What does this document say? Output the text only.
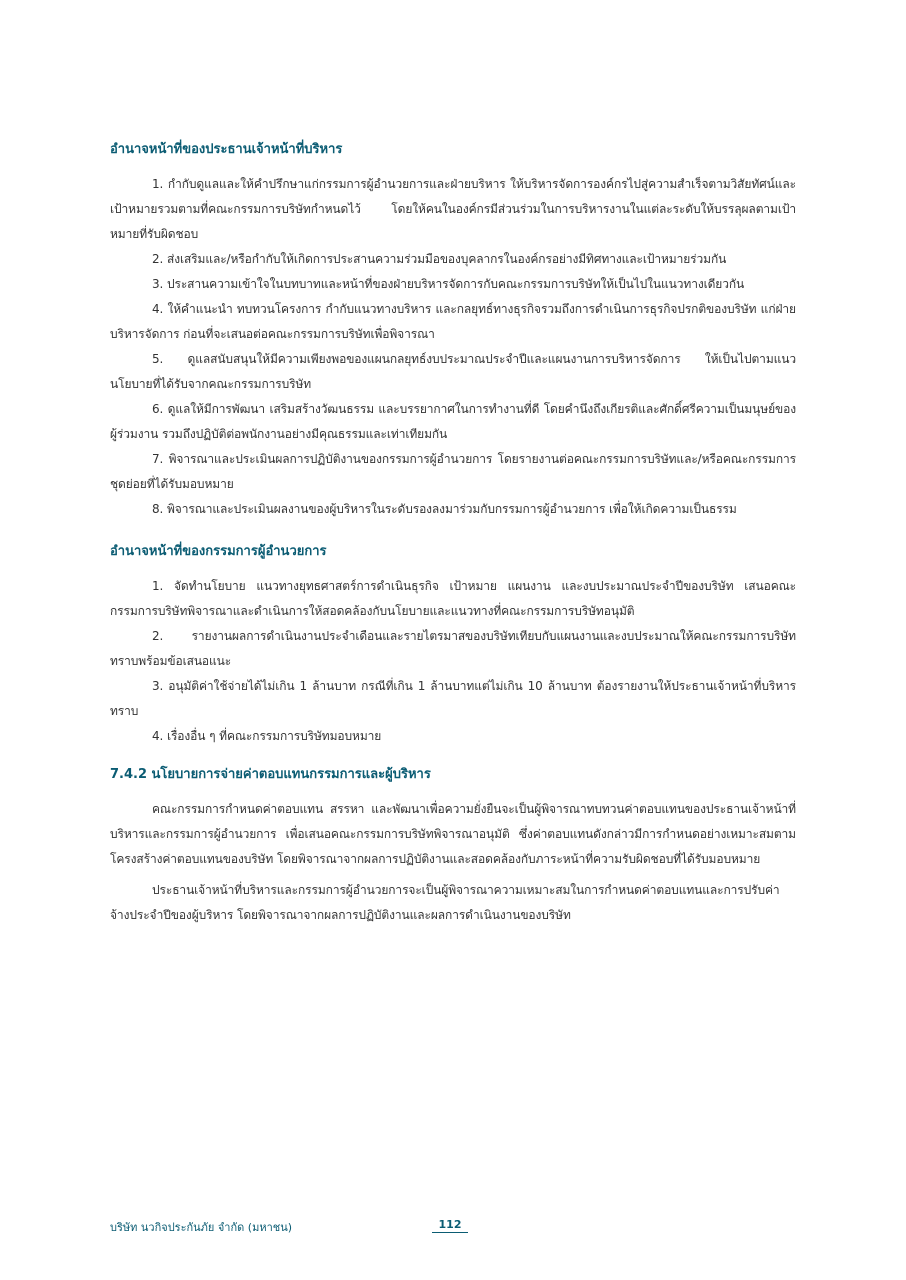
อำนาจหน้าที่ของประธานเจ้าหน้าที่บริหาร

1. กำกับดูแลและให้คำปรึกษาแก่กรรมการผู้อำนวยการและฝ่ายบริหาร ให้บริหารจัดการองค์กรไปสู่ความสำเร็จตามวิสัยทัศน์และเป้าหมายรวมตามที่คณะกรรมการบริษัทกำหนดไว้ โดยให้คนในองค์กรมีส่วนร่วมในการบริหารงานในแต่ละระดับให้บรรลุผลตามเป้าหมายที่รับผิดชอบ

2. ส่งเสริมและ/หรือกำกับให้เกิดการประสานความร่วมมือของบุคลากรในองค์กรอย่างมีทิศทางและเป้าหมายร่วมกัน

3. ประสานความเข้าใจในบทบาทและหน้าที่ของฝ่ายบริหารจัดการกับคณะกรรมการบริษัทให้เป็นไปในแนวทางเดียวกัน

4. ให้คำแนะนำ ทบทวนโครงการ กำกับแนวทางบริหาร และกลยุทธ์ทางธุรกิจรวมถึงการดำเนินการธุรกิจปรกติของบริษัท แก่ฝ่ายบริหารจัดการ ก่อนที่จะเสนอต่อคณะกรรมการบริษัทเพื่อพิจารณา

5. ดูแลสนับสนุนให้มีความเพียงพอของแผนกลยุทธ์งบประมาณประจำปีและแผนงานการบริหารจัดการ ให้เป็นไปตามแนวนโยบายที่ได้รับจากคณะกรรมการบริษัท

6. ดูแลให้มีการพัฒนา เสริมสร้างวัฒนธรรม และบรรยากาศในการทำงานที่ดี โดยคำนึงถึงเกียรติและศักดิ์ศรีความเป็นมนุษย์ของผู้ร่วมงาน รวมถึงปฏิบัติต่อพนักงานอย่างมีคุณธรรมและเท่าเทียมกัน

7. พิจารณาและประเมินผลการปฏิบัติงานของกรรมการผู้อำนวยการ โดยรายงานต่อคณะกรรมการบริษัทและ/หรือคณะกรรมการชุดย่อยที่ได้รับมอบหมาย

8. พิจารณาและประเมินผลงานของผู้บริหารในระดับรองลงมาร่วมกับกรรมการผู้อำนวยการ เพื่อให้เกิดความเป็นธรรม

อำนาจหน้าที่ของกรรมการผู้อำนวยการ

1. จัดทำนโยบาย แนวทางยุทธศาสตร์การดำเนินธุรกิจ เป้าหมาย แผนงาน และงบประมาณประจำปีของบริษัท เสนอคณะกรรมการบริษัทพิจารณาและดำเนินการให้สอดคล้องกับนโยบายและแนวทางที่คณะกรรมการบริษัทอนุมัติ

2. รายงานผลการดำเนินงานประจำเดือนและรายไตรมาสของบริษัทเทียบกับแผนงานและงบประมาณให้คณะกรรมการบริษัททราบพร้อมข้อเสนอแนะ

3. อนุมัติค่าใช้จ่ายได้ไม่เกิน 1 ล้านบาท กรณีที่เกิน 1 ล้านบาทแต่ไม่เกิน 10 ล้านบาท ต้องรายงานให้ประธานเจ้าหน้าที่บริหารทราบ

4. เรื่องอื่น ๆ ที่คณะกรรมการบริษัทมอบหมาย

7.4.2 นโยบายการจ่ายค่าตอบแทนกรรมการและผู้บริหาร

คณะกรรมการกำหนดค่าตอบแทน สรรหา และพัฒนาเพื่อความยั่งยืนจะเป็นผู้พิจารณาทบทวนค่าตอบแทนของประธานเจ้าหน้าที่บริหารและกรรมการผู้อำนวยการ เพื่อเสนอคณะกรรมการบริษัทพิจารณาอนุมัติ ซึ่งค่าตอบแทนดังกล่าวมีการกำหนดอย่างเหมาะสมตามโครงสร้างค่าตอบแทนของบริษัท โดยพิจารณาจากผลการปฏิบัติงานและสอดคล้องกับภาระหน้าที่ความรับผิดชอบที่ได้รับมอบหมาย

ประธานเจ้าหน้าที่บริหารและกรรมการผู้อำนวยการจะเป็นผู้พิจารณาความเหมาะสมในการกำหนดค่าตอบแทนและการปรับค่าจ้างประจำปีของผู้บริหาร โดยพิจารณาจากผลการปฏิบัติงานและผลการดำเนินงานของบริษัท

บริษัท นวกิจประกันภัย จำกัด (มหาชน)	112
